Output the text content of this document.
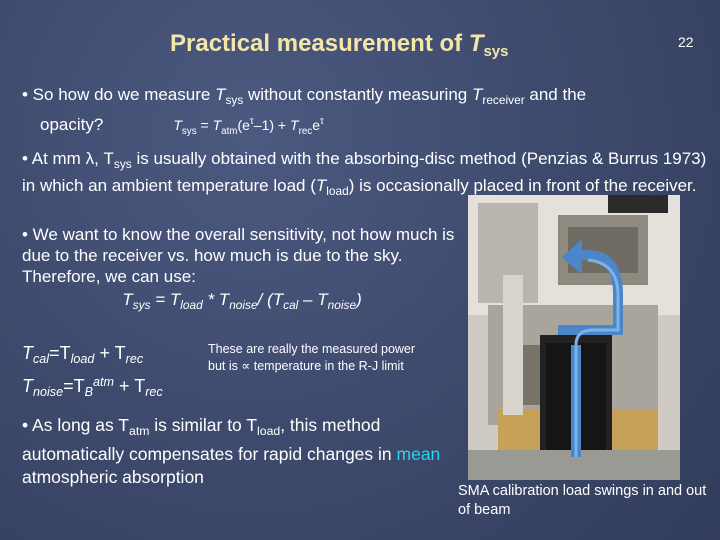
Practical measurement of $T_{sys}$
22
• So how do we measure $T_{sys}$ without constantly measuring $T_{receiver}$ and the
opacity?	$T_{sys} = T_{atm}(e^\tau-1) + T_{rec}e^\tau$
• At mm λ, $T_{sys}$ is usually obtained with the absorbing-disc method (Penzias & Burrus 1973) in which an ambient temperature load $(T_{load})$ is occasionally placed in front of the receiver.
• We want to know the overall sensitivity, not how much is due to the receiver vs. how much is due to the sky. Therefore, we can use:
$T_{sys} = T_{load} * T_{noise}/$ $(T_{cal} - T_{noise})$
$T_{cal}=T_{load} + T_{rec}$
$T_{noise}=T_B^{atm} + T_{rec}$
These are really the measured power but is ∝ temperature in the R-J limit
• As long as $T_{atm}$ is similar to $T_{load}$, this method automatically compensates for rapid changes in mean atmospheric absorption
SMA calibration load swings in and out of beam
